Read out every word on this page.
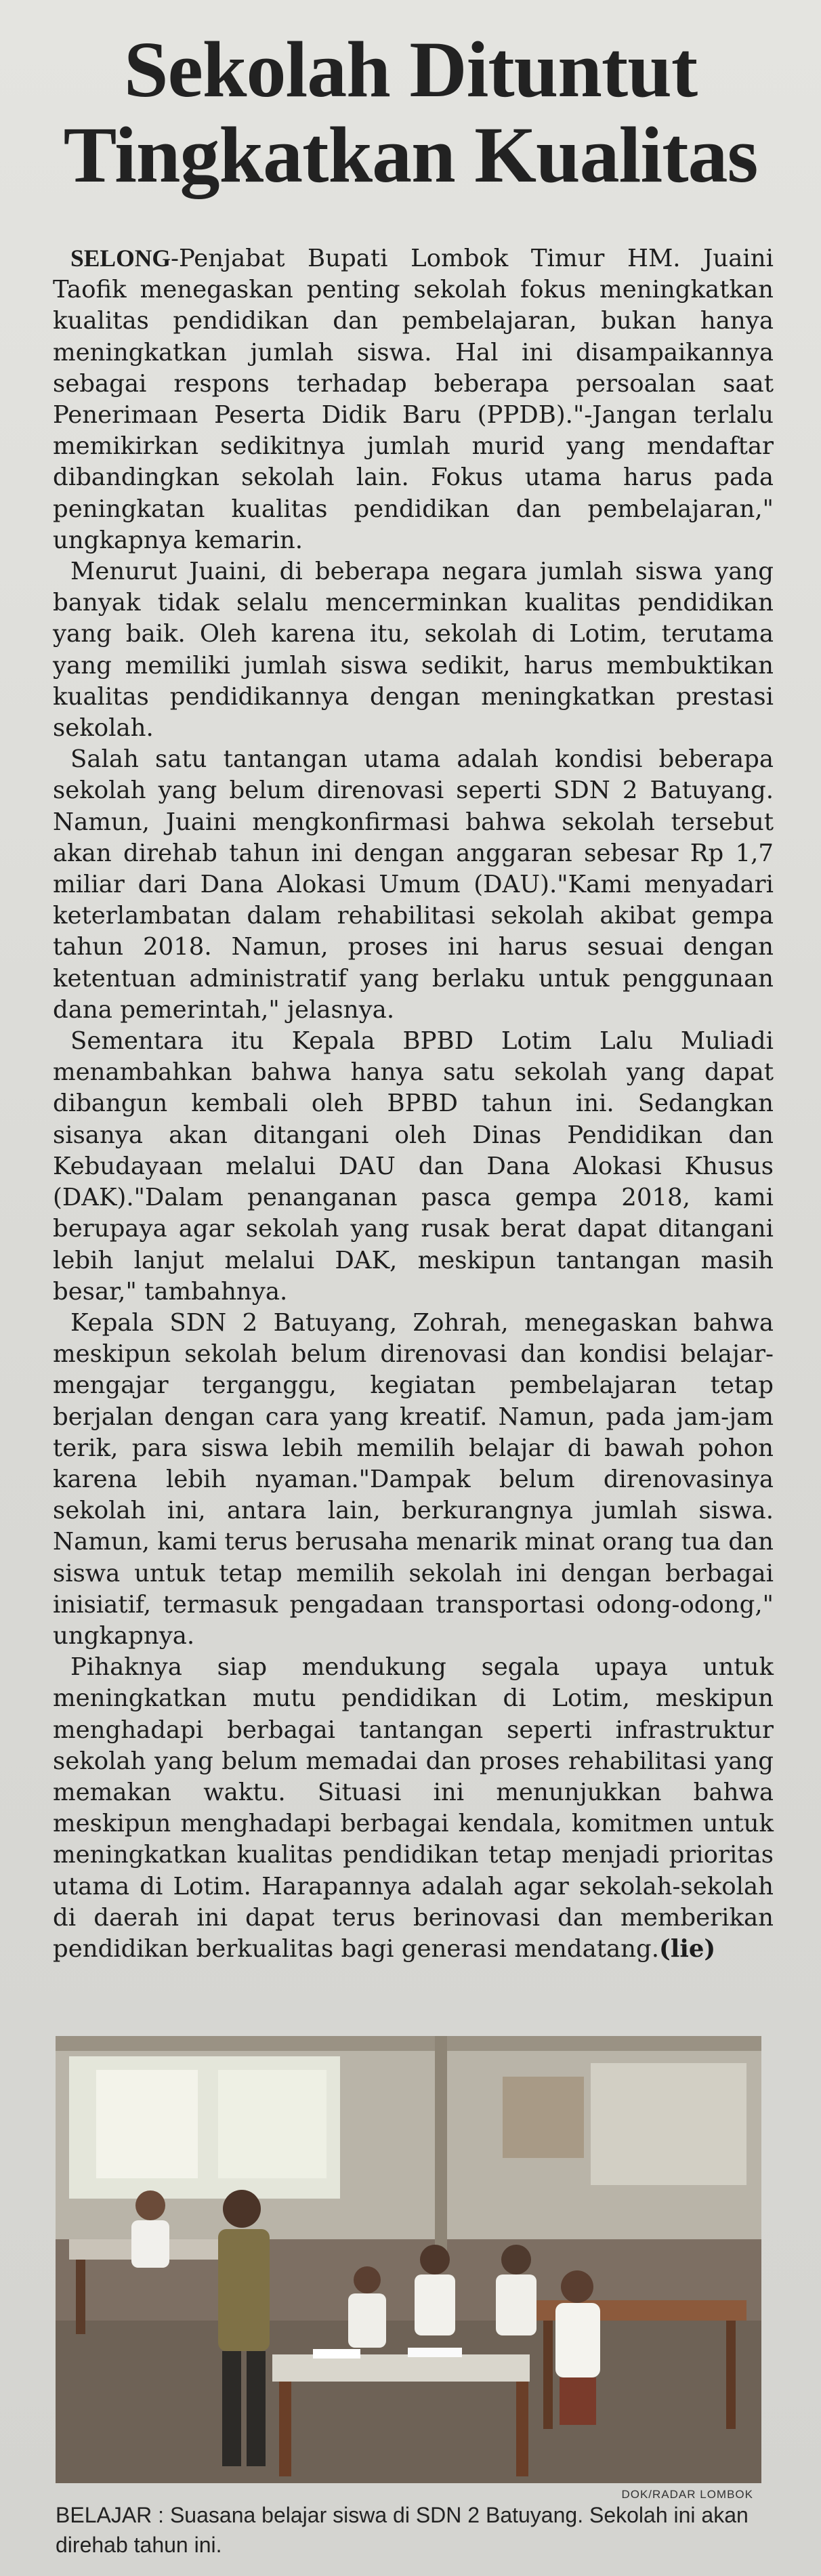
Sekolah Dituntut
Tingkatkan Kualitas

SELONG-Penjabat Bupati Lombok Timur HM. Juaini Taofik menegaskan penting sekolah fokus meningkatkan kualitas pendidikan dan pembelajaran, bukan hanya meningkatkan jumlah siswa. Hal ini disampaikannya sebagai respons terhadap beberapa persoalan saat Penerimaan Peserta Didik Baru (PPDB)."-Jangan terlalu memikirkan sedikitnya jumlah murid yang mendaftar dibandingkan sekolah lain. Fokus utama harus pada peningkatan kualitas pendidikan dan pembelajaran," ungkapnya kemarin.

Menurut Juaini, di beberapa negara jumlah siswa yang banyak tidak selalu mencerminkan kualitas pendidikan yang baik. Oleh karena itu, sekolah di Lotim, terutama yang memiliki jumlah siswa sedikit, harus membuktikan kualitas pendidikannya dengan meningkatkan prestasi sekolah.

Salah satu tantangan utama adalah kondisi beberapa sekolah yang belum direnovasi seperti SDN 2 Batuyang. Namun, Juaini mengkonfirmasi bahwa sekolah tersebut akan direhab tahun ini dengan anggaran sebesar Rp 1,7 miliar dari Dana Alokasi Umum (DAU)."Kami menyadari keterlambatan dalam rehabilitasi sekolah akibat gempa tahun 2018. Namun, proses ini harus sesuai dengan ketentuan administratif yang berlaku untuk penggunaan dana pemerintah," jelasnya.

Sementara itu Kepala BPBD Lotim Lalu Muliadi menambahkan bahwa hanya satu sekolah yang dapat dibangun kembali oleh BPBD tahun ini. Sedangkan sisanya akan ditangani oleh Dinas Pendidikan dan Kebudayaan melalui DAU dan Dana Alokasi Khusus (DAK)."Dalam penanganan pasca gempa 2018, kami berupaya agar sekolah yang rusak berat dapat ditangani lebih lanjut melalui DAK, meskipun tantangan masih besar," tambahnya.

Kepala SDN 2 Batuyang, Zohrah, menegaskan bahwa meskipun sekolah belum direnovasi dan kondisi belajar-mengajar terganggu, kegiatan pembelajaran tetap berjalan dengan cara yang kreatif. Namun, pada jam-jam terik, para siswa lebih memilih belajar di bawah pohon karena lebih nyaman."Dampak belum direnovasinya sekolah ini, antara lain, berkurangnya jumlah siswa. Namun, kami terus berusaha menarik minat orang tua dan siswa untuk tetap memilih sekolah ini dengan berbagai inisiatif, termasuk pengadaan transportasi odong-odong," ungkapnya.

Pihaknya siap mendukung segala upaya untuk meningkatkan mutu pendidikan di Lotim, meskipun menghadapi berbagai tantangan seperti infrastruktur sekolah yang belum memadai dan proses rehabilitasi yang memakan waktu. Situasi ini menunjukkan bahwa meskipun menghadapi berbagai kendala, komitmen untuk meningkatkan kualitas pendidikan tetap menjadi prioritas utama di Lotim. Harapannya adalah agar sekolah-sekolah di daerah ini dapat terus berinovasi dan memberikan pendidikan berkualitas bagi generasi mendatang.(lie)

DOK/RADAR LOMBOK

BELAJAR : Suasana belajar siswa di SDN 2 Batuyang. Sekolah ini akan direhab tahun ini.
